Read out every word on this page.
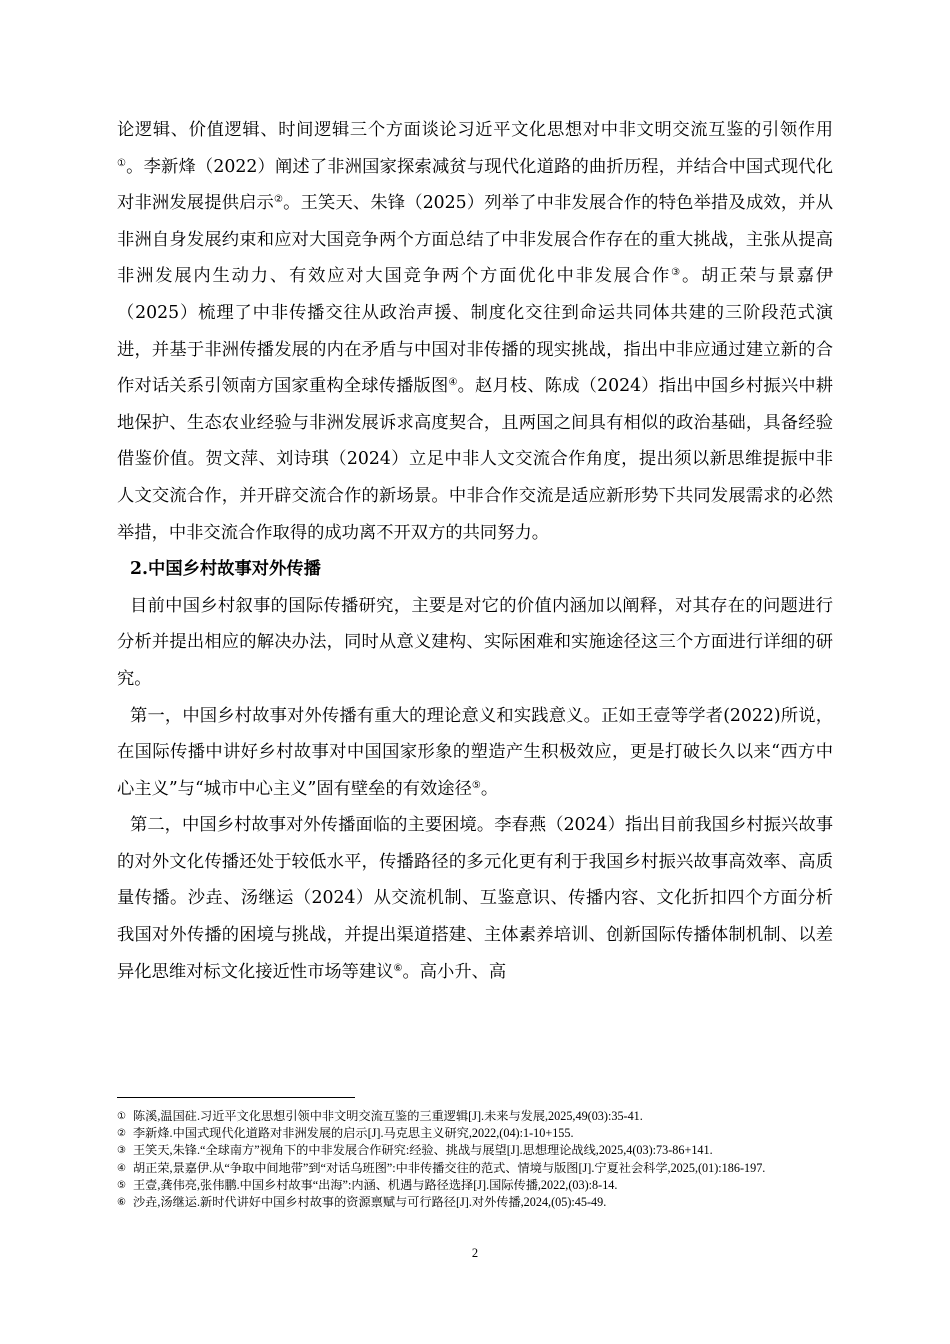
论逻辑、价值逻辑、时间逻辑三个方面谈论习近平文化思想对中非文明交流互鉴的引领作用①。李新烽（2022）阐述了非洲国家探索减贫与现代化道路的曲折历程，并结合中国式现代化对非洲发展提供启示②。王笑天、朱锋（2025）列举了中非发展合作的特色举措及成效，并从非洲自身发展约束和应对大国竞争两个方面总结了中非发展合作存在的重大挑战，主张从提高非洲发展内生动力、有效应对大国竞争两个方面优化中非发展合作③。胡正荣与景嘉伊（2025）梳理了中非传播交往从政治声援、制度化交往到命运共同体共建的三阶段范式演进，并基于非洲传播发展的内在矛盾与中国对非传播的现实挑战，指出中非应通过建立新的合作对话关系引领南方国家重构全球传播版图④。赵月枝、陈成（2024）指出中国乡村振兴中耕地保护、生态农业经验与非洲发展诉求高度契合，且两国之间具有相似的政治基础，具备经验借鉴价值。贺文萍、刘诗琪（2024）立足中非人文交流合作角度，提出须以新思维提振中非人文交流合作，并开辟交流合作的新场景。中非合作交流是适应新形势下共同发展需求的必然举措，中非交流合作取得的成功离不开双方的共同努力。

2.中国乡村故事对外传播

目前中国乡村叙事的国际传播研究，主要是对它的价值内涵加以阐释，对其存在的问题进行分析并提出相应的解决办法，同时从意义建构、实际困难和实施途径这三个方面进行详细的研究。

第一，中国乡村故事对外传播有重大的理论意义和实践意义。正如王壹等学者(2022)所说，在国际传播中讲好乡村故事对中国国家形象的塑造产生积极效应，更是打破长久以来“西方中心主义”与“城市中心主义”固有壁垒的有效途径⑤。

第二，中国乡村故事对外传播面临的主要困境。李春燕（2024）指出目前我国乡村振兴故事的对外文化传播还处于较低水平，传播路径的多元化更有利于我国乡村振兴故事高效率、高质量传播。沙垚、汤继运（2024）从交流机制、互鉴意识、传播内容、文化折扣四个方面分析我国对外传播的困境与挑战，并提出渠道搭建、主体素养培训、创新国际传播体制机制、以差异化思维对标文化接近性市场等建议⑥。高小升、高

① 陈溪,温国砫.习近平文化思想引领中非文明交流互鉴的三重逻辑[J].未来与发展,2025,49(03):35-41.
② 李新烽.中国式现代化道路对非洲发展的启示[J].马克思主义研究,2022,(04):1-10+155.
③ 王笑天,朱锋.“全球南方”视角下的中非发展合作研究:经验、挑战与展望[J].思想理论战线,2025,4(03):73-86+141.
④ 胡正荣,景嘉伊.从“争取中间地带”到“对话乌班图”:中非传播交往的范式、情境与版图[J].宁夏社会科学,2025,(01):186-197.
⑤ 王壹,龚伟亮,张伟鹏.中国乡村故事“出海”:内涵、机遇与路径选择[J].国际传播,2022,(03):8-14.
⑥ 沙垚,汤继运.新时代讲好中国乡村故事的资源禀赋与可行路径[J].对外传播,2024,(05):45-49.
2
